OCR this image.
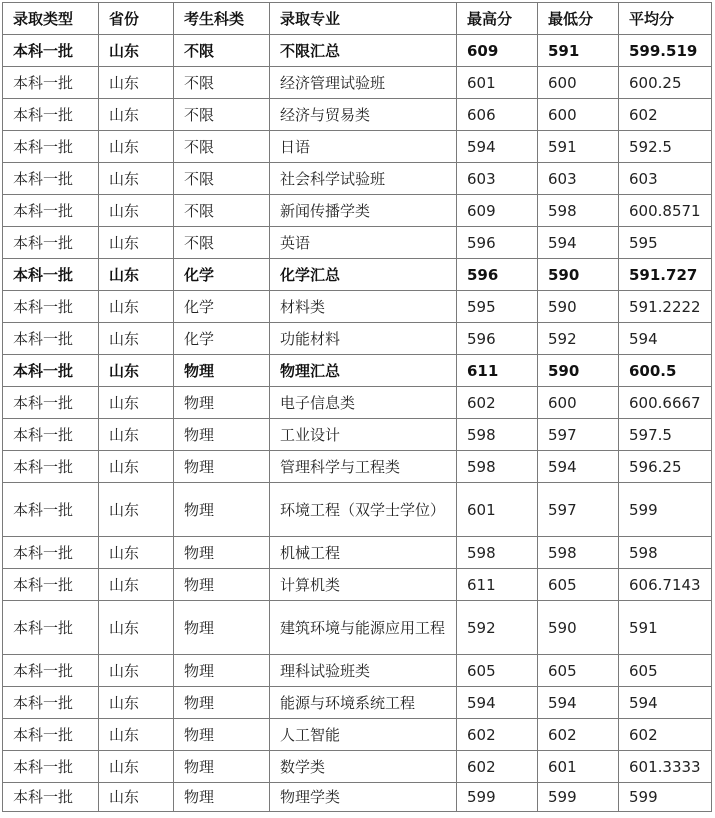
录取类型	省份	考生科类	录取专业	最高分	最低分	平均分
本科一批	山东	不限	不限汇总	609	591	599.519
本科一批	山东	不限	经济管理试验班	601	600	600.25
本科一批	山东	不限	经济与贸易类	606	600	602
本科一批	山东	不限	日语	594	591	592.5
本科一批	山东	不限	社会科学试验班	603	603	603
本科一批	山东	不限	新闻传播学类	609	598	600.8571
本科一批	山东	不限	英语	596	594	595
本科一批	山东	化学	化学汇总	596	590	591.727
本科一批	山东	化学	材料类	595	590	591.2222
本科一批	山东	化学	功能材料	596	592	594
本科一批	山东	物理	物理汇总	611	590	600.5
本科一批	山东	物理	电子信息类	602	600	600.6667
本科一批	山东	物理	工业设计	598	597	597.5
本科一批	山东	物理	管理科学与工程类	598	594	596.25
本科一批	山东	物理	环境工程（双学士学位）	601	597	599
本科一批	山东	物理	机械工程	598	598	598
本科一批	山东	物理	计算机类	611	605	606.7143
本科一批	山东	物理	建筑环境与能源应用工程	592	590	591
本科一批	山东	物理	理科试验班类	605	605	605
本科一批	山东	物理	能源与环境系统工程	594	594	594
本科一批	山东	物理	人工智能	602	602	602
本科一批	山东	物理	数学类	602	601	601.3333
本科一批	山东	物理	物理学类	599	599	599
